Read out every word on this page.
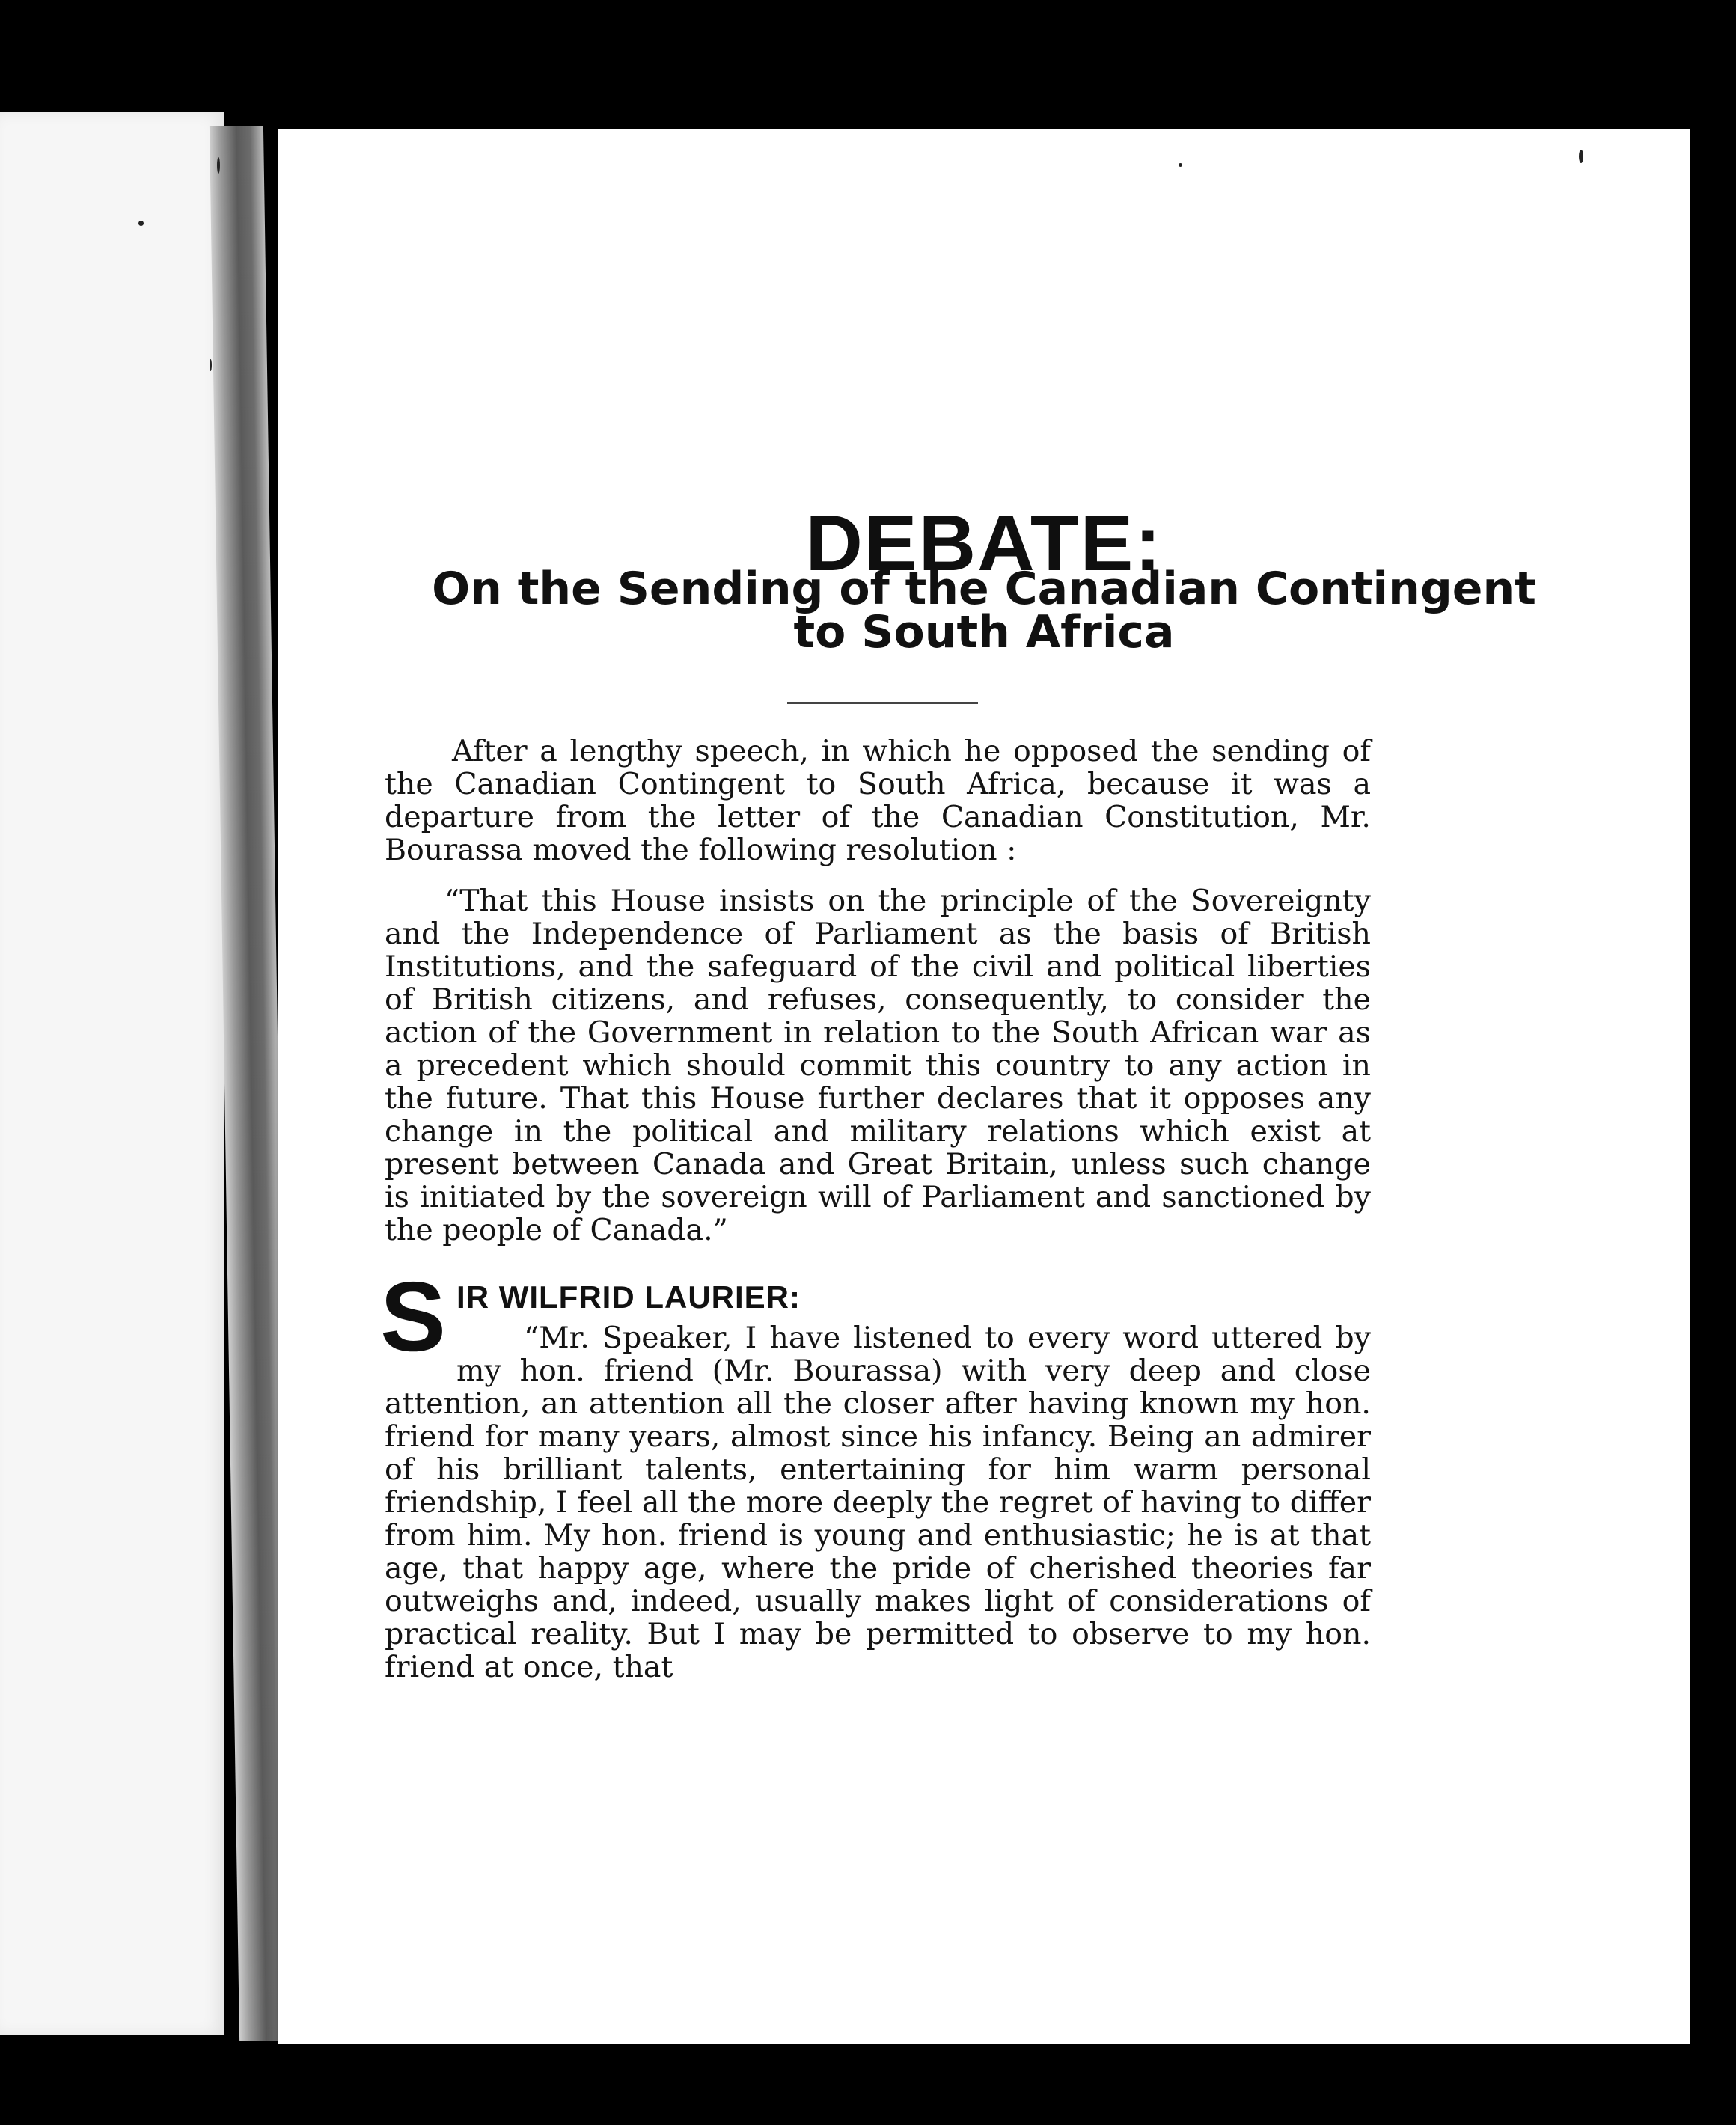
DEBATE:
On the Sending of the Canadian Contingent
to South Africa

After a lengthy speech, in which he opposed the sending of the Canadian Contingent to South Africa, because it was a departure from the letter of the Canadian Constitution, Mr. Bourassa moved the following resolution :

“That this House insists on the principle of the Sovereignty and the Independence of Parliament as the basis of British Institutions, and the safeguard of the civil and political liberties of British citizens, and refuses, consequently, to consider the action of the Government in relation to the South African war as a precedent which should commit this country to any action in the future. That this House further declares that it opposes any change in the political and military relations which exist at present between Canada and Great Britain, unless such change is initiated by the sovereign will of Parliament and sanctioned by the people of Canada.”

S IR WILFRID LAURIER:

“Mr. Speaker, I have listened to every word uttered by my hon. friend (Mr. Bourassa) with very deep and close attention, an attention all the closer after having known my hon. friend for many years, almost since his infancy. Being an admirer of his brilliant talents, entertaining for him warm personal friendship, I feel all the more deeply the regret of having to differ from him. My hon. friend is young and enthusiastic; he is at that age, that happy age, where the pride of cherished theories far outweighs and, indeed, usually makes light of considerations of practical reality. But I may be permitted to observe to my hon. friend at once, that
